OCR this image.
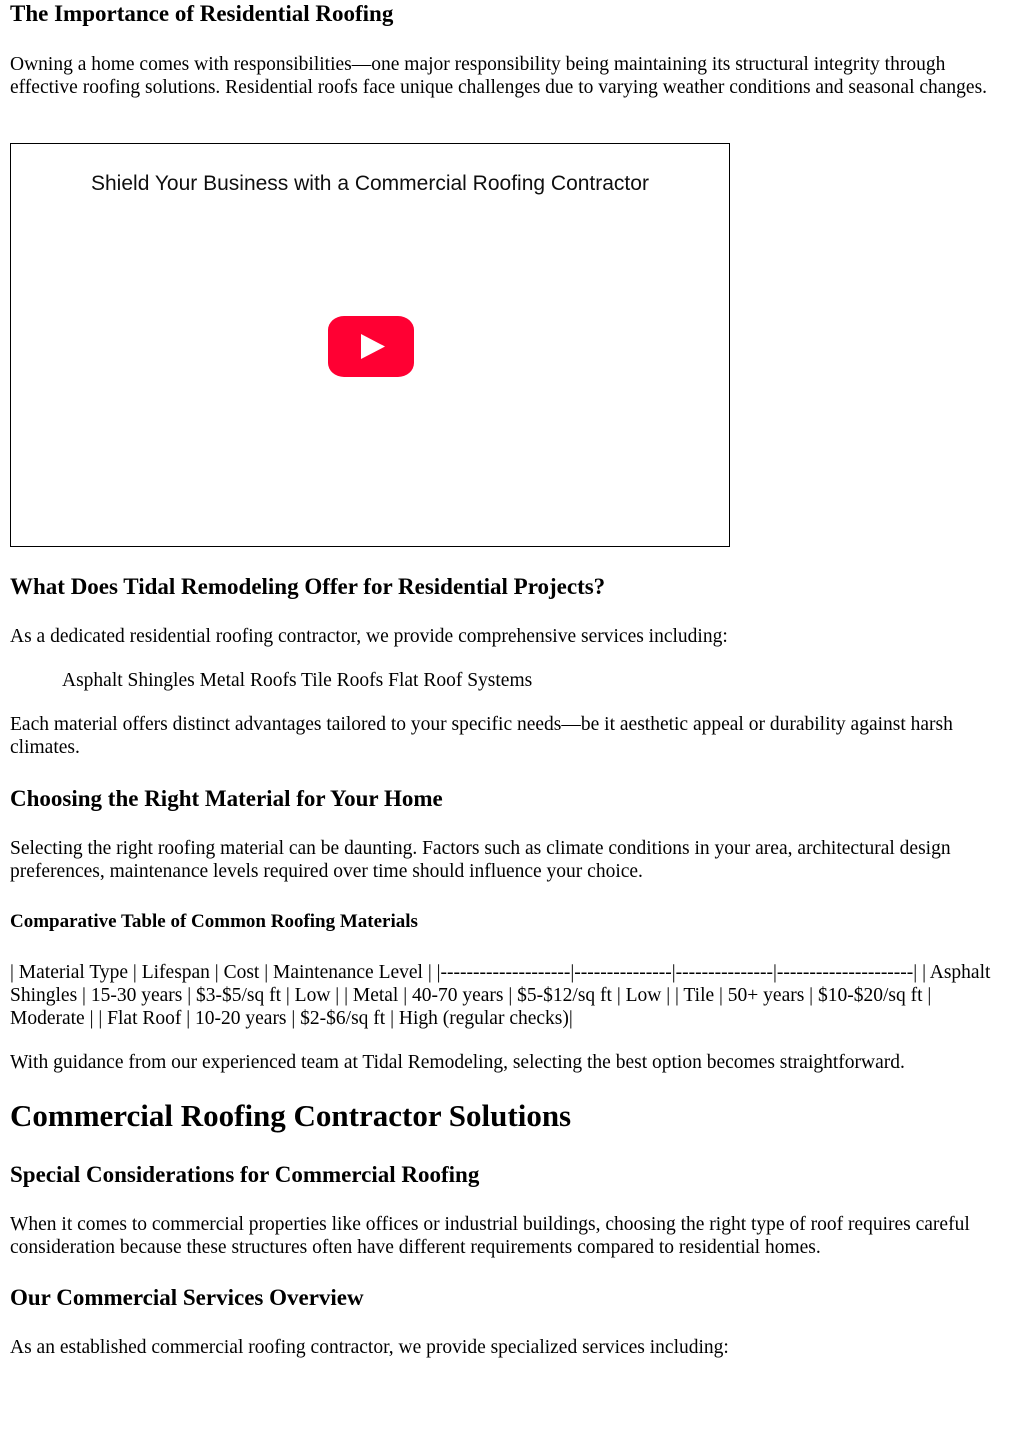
The Importance of Residential Roofing

Owning a home comes with responsibilities—one major responsibility being maintaining its structural integrity through effective roofing solutions. Residential roofs face unique challenges due to varying weather conditions and seasonal changes.

Shield Your Business with a Commercial Roofing Contractor
What Does Tidal Remodeling Offer for Residential Projects?

As a dedicated residential roofing contractor, we provide comprehensive services including:

Asphalt Shingles Metal Roofs Tile Roofs Flat Roof Systems

Each material offers distinct advantages tailored to your specific needs—be it aesthetic appeal or durability against harsh climates.

Choosing the Right Material for Your Home

Selecting the right roofing material can be daunting. Factors such as climate conditions in your area, architectural design preferences, maintenance levels required over time should influence your choice.

Comparative Table of Common Roofing Materials

| Material Type | Lifespan | Cost | Maintenance Level | |--------------------|---------------|---------------|---------------------| | Asphalt Shingles | 15-30 years | $3-$5/sq ft | Low | | Metal | 40-70 years | $5-$12/sq ft | Low | | Tile | 50+ years | $10-$20/sq ft | Moderate | | Flat Roof | 10-20 years | $2-$6/sq ft | High (regular checks)|

With guidance from our experienced team at Tidal Remodeling, selecting the best option becomes straightforward.

Commercial Roofing Contractor Solutions
Special Considerations for Commercial Roofing

When it comes to commercial properties like offices or industrial buildings, choosing the right type of roof requires careful consideration because these structures often have different requirements compared to residential homes.

Our Commercial Services Overview

As an established commercial roofing contractor, we provide specialized services including:
